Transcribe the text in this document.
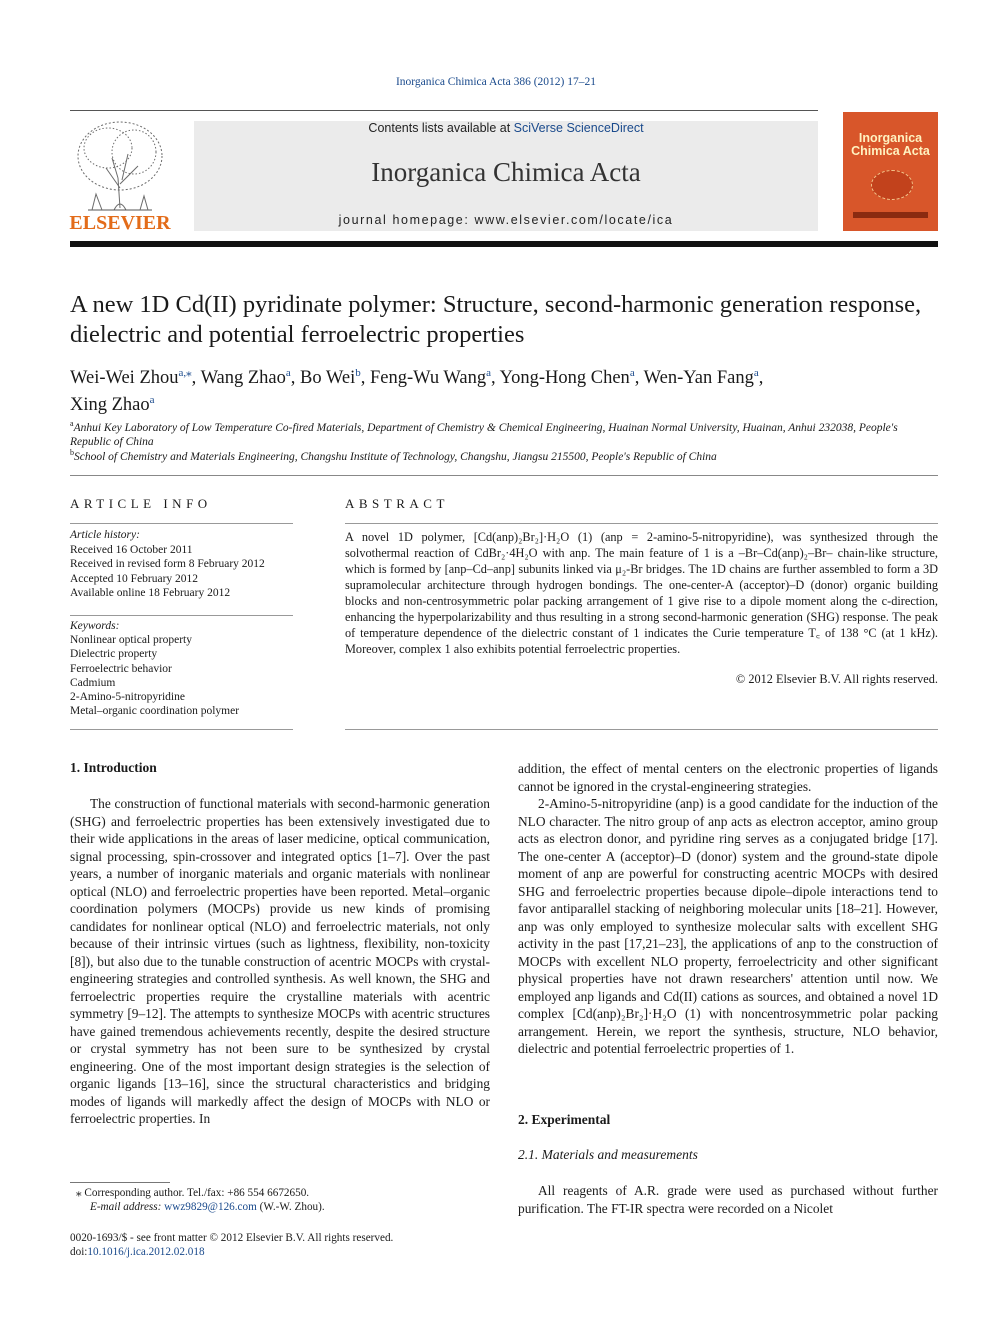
Inorganica Chimica Acta 386 (2012) 17–21
ELSEVIER
Contents lists available at SciVerse ScienceDirect
Inorganica Chimica Acta
journal homepage: www.elsevier.com/locate/ica
Inorganica
Chimica Acta
A new 1D Cd(II) pyridinate polymer: Structure, second-harmonic generation response, dielectric and potential ferroelectric properties
Wei-Wei Zhou$^{a,⁎}$, Wang Zhao$^a$, Bo Wei$^b$, Feng-Wu Wang$^a$, Yong-Hong Chen$^a$, Wen-Yan Fang$^a$,
Xing Zhao$^a$
$^a$Anhui Key Laboratory of Low Temperature Co-fired Materials, Department of Chemistry & Chemical Engineering, Huainan Normal University, Huainan, Anhui 232038, People's Republic of China
$^b$School of Chemistry and Materials Engineering, Changshu Institute of Technology, Changshu, Jiangsu 215500, People's Republic of China
ARTICLE INFO	ABSTRACT
Article history:
Received 16 October 2011
Received in revised form 8 February 2012
Accepted 10 February 2012
Available online 18 February 2012
Keywords:
Nonlinear optical property
Dielectric property
Ferroelectric behavior
Cadmium
2-Amino-5-nitropyridine
Metal–organic coordination polymer
A novel 1D polymer, [Cd(anp)₂Br₂]·H₂O (1) (anp = 2-amino-5-nitropyridine), was synthesized through the solvothermal reaction of CdBr₂·4H₂O with anp. The main feature of 1 is a –Br–Cd(anp)₂–Br– chain-like structure, which is formed by [anp–Cd–anp] subunits linked via μ₂-Br bridges. The 1D chains are further assembled to form a 3D supramolecular architecture through hydrogen bondings. The one-center-A (acceptor)–D (donor) organic building blocks and non-centrosymmetric polar packing arrangement of 1 give rise to a dipole moment along the c-direction, enhancing the hyperpolarizability and thus resulting in a strong second-harmonic generation (SHG) response. The peak of temperature dependence of the dielectric constant of 1 indicates the Curie temperature T꜀ of 138 °C (at 1 kHz). Moreover, complex 1 also exhibits potential ferroelectric properties.
© 2012 Elsevier B.V. All rights reserved.
1. Introduction

The construction of functional materials with second-harmonic generation (SHG) and ferroelectric properties has been extensively investigated due to their wide applications in the areas of laser medicine, optical communication, signal processing, spin-crossover and integrated optics [1–7]. Over the past years, a number of inorganic materials and organic materials with nonlinear optical (NLO) and ferroelectric properties have been reported. Metal–organic coordination polymers (MOCPs) provide us new kinds of promising candidates for nonlinear optical (NLO) and ferroelectric materials, not only because of their intrinsic virtues (such as lightness, flexibility, non-toxicity [8]), but also due to the tunable construction of acentric MOCPs with crystal-engineering strategies and controlled synthesis. As well known, the SHG and ferroelectric properties require the crystalline materials with acentric symmetry [9–12]. The attempts to synthesize MOCPs with acentric structures have gained tremendous achievements recently, despite the desired structure or crystal symmetry has not been sure to be synthesized by crystal engineering. One of the most important design strategies is the selection of organic ligands [13–16], since the structural characteristics and bridging modes of ligands will markedly affect the design of MOCPs with NLO or ferroelectric properties. In

addition, the effect of mental centers on the electronic properties of ligands cannot be ignored in the crystal-engineering strategies.

2-Amino-5-nitropyridine (anp) is a good candidate for the induction of the NLO character. The nitro group of anp acts as electron acceptor, amino group acts as electron donor, and pyridine ring serves as a conjugated bridge [17]. The one-center A (acceptor)–D (donor) system and the ground-state dipole moment of anp are powerful for constructing acentric MOCPs with desired SHG and ferroelectric properties because dipole–dipole interactions tend to favor antiparallel stacking of neighboring molecular units [18–21]. However, anp was only employed to synthesize molecular salts with excellent SHG activity in the past [17,21–23], the applications of anp to the construction of MOCPs with excellent NLO property, ferroelectricity and other significant physical properties have not drawn researchers' attention until now. We employed anp ligands and Cd(II) cations as sources, and obtained a novel 1D complex [Cd(anp)₂Br₂]·H₂O (1) with noncentrosymmetric polar packing arrangement. Herein, we report the synthesis, structure, NLO behavior, dielectric and potential ferroelectric properties of 1.

2. Experimental
2.1. Materials and measurements

All reagents of A.R. grade were used as purchased without further purification. The FT-IR spectra were recorded on a Nicolet

⁎ Corresponding author. Tel./fax: +86 554 6672650.
E-mail address: wwz9829@126.com (W.-W. Zhou).
0020-1693/$ - see front matter © 2012 Elsevier B.V. All rights reserved.
doi:10.1016/j.ica.2012.02.018
